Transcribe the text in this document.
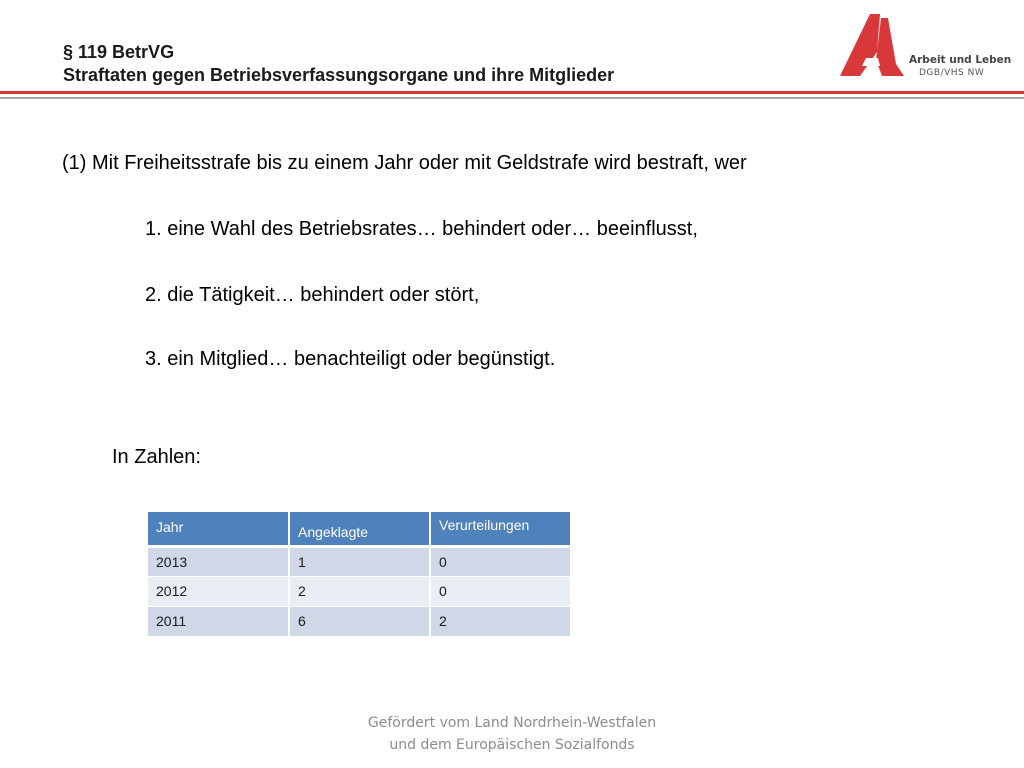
§ 119 BetrVG
Straftaten gegen Betriebsverfassungsorgane und ihre Mitglieder
Arbeit und Leben
DGB/VHS NW
(1) Mit Freiheitsstrafe bis zu einem Jahr oder mit Geldstrafe wird bestraft, wer
1. eine Wahl des Betriebsrates… behindert oder… beeinflusst,
2. die Tätigkeit… behindert oder stört,
3. ein Mitglied… benachteiligt oder begünstigt.
In Zahlen:
Jahr	Angeklagte	Verurteilungen
2013	1	0
2012	2	0
2011	6	2
Gefördert vom Land Nordrhein-Westfalen
und dem Europäischen Sozialfonds
